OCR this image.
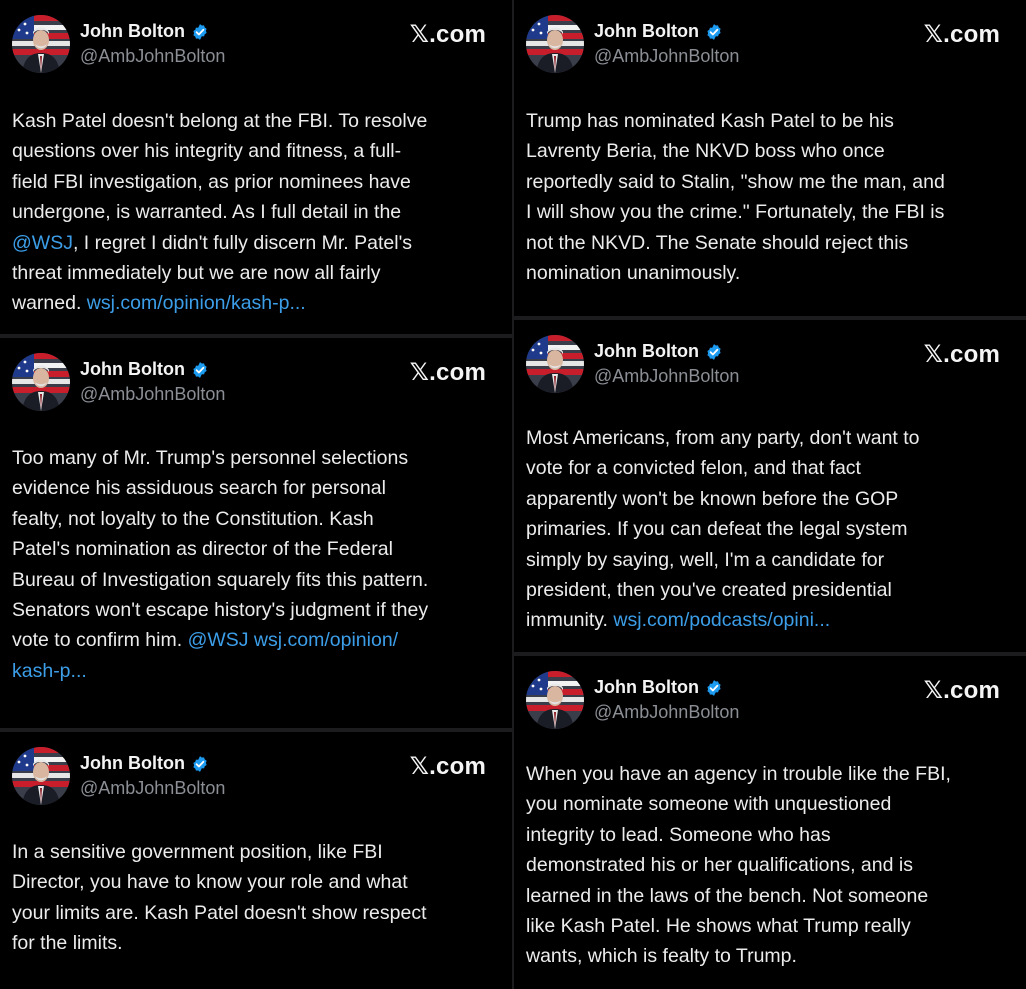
John Bolton
@AmbJohnBolton
𝕏.com
Kash Patel doesn't belong at the FBI. To resolve
questions over his integrity and fitness, a full-
field FBI investigation, as prior nominees have
undergone, is warranted. As I full detail in the
@WSJ, I regret I didn't fully discern Mr. Patel's
threat immediately but we are now all fairly
warned. wsj.com/opinion/kash-p...
John Bolton
@AmbJohnBolton
𝕏.com
Too many of Mr. Trump's personnel selections
evidence his assiduous search for personal
fealty, not loyalty to the Constitution. Kash
Patel's nomination as director of the Federal
Bureau of Investigation squarely fits this pattern.
Senators won't escape history's judgment if they
vote to confirm him. @WSJ wsj.com/opinion/
kash-p...
John Bolton
@AmbJohnBolton
𝕏.com
In a sensitive government position, like FBI
Director, you have to know your role and what
your limits are. Kash Patel doesn't show respect
for the limits.
John Bolton
@AmbJohnBolton
𝕏.com
Trump has nominated Kash Patel to be his
Lavrenty Beria, the NKVD boss who once
reportedly said to Stalin, "show me the man, and
I will show you the crime." Fortunately, the FBI is
not the NKVD. The Senate should reject this
nomination unanimously.
John Bolton
@AmbJohnBolton
𝕏.com
Most Americans, from any party, don't want to
vote for a convicted felon, and that fact
apparently won't be known before the GOP
primaries. If you can defeat the legal system
simply by saying, well, I'm a candidate for
president, then you've created presidential
immunity. wsj.com/podcasts/opini...
John Bolton
@AmbJohnBolton
𝕏.com
When you have an agency in trouble like the FBI,
you nominate someone with unquestioned
integrity to lead. Someone who has
demonstrated his or her qualifications, and is
learned in the laws of the bench. Not someone
like Kash Patel. He shows what Trump really
wants, which is fealty to Trump.
